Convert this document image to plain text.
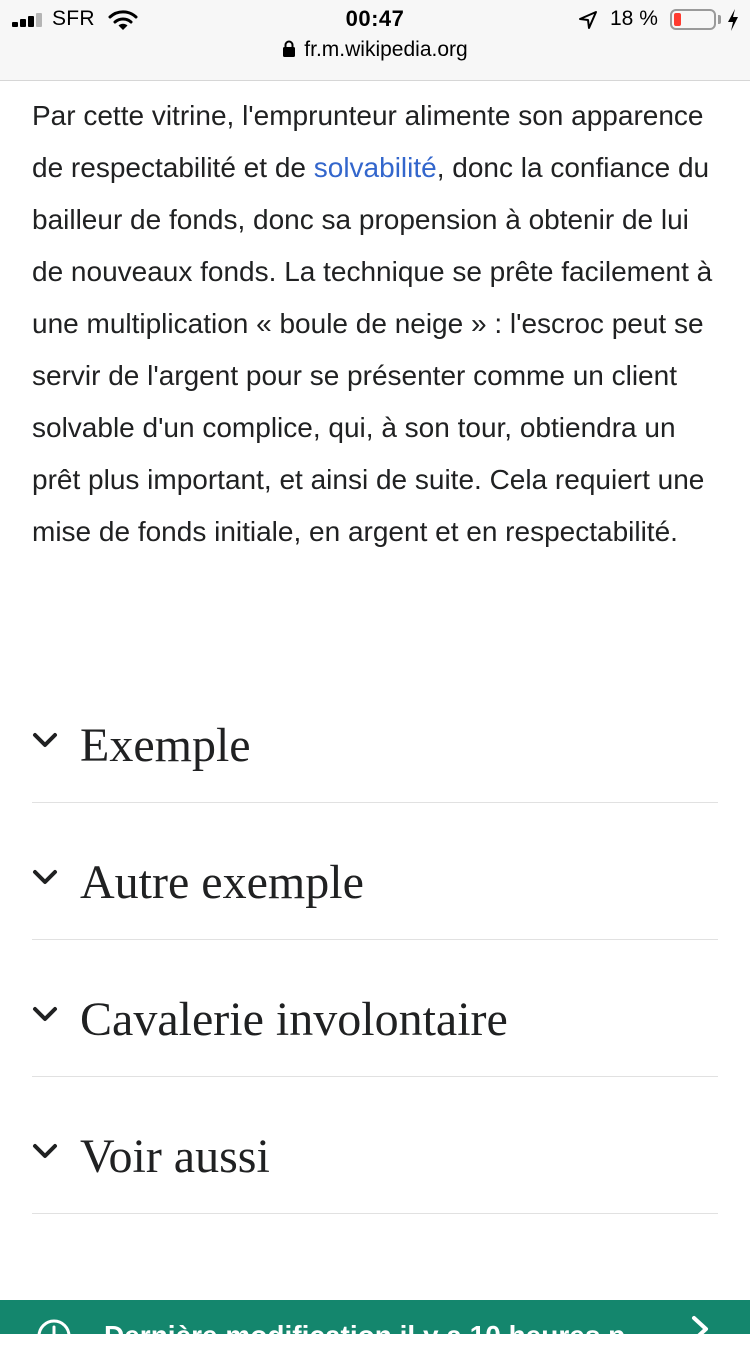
SFR	00:47	18 %
fr.m.wikipedia.org

Par cette vitrine, l'emprunteur alimente son apparence de respectabilité et de solvabilité, donc la confiance du bailleur de fonds, donc sa propension à obtenir de lui de nouveaux fonds. La technique se prête facilement à une multiplication « boule de neige » : l'escroc peut se servir de l'argent pour se présenter comme un client solvable d'un complice, qui, à son tour, obtiendra un prêt plus important, et ainsi de suite. Cela requiert une mise de fonds initiale, en argent et en respectabilité.

Exemple
Autre exemple
Cavalerie involontaire
Voir aussi
Dernière modification il y a 10 heures p
